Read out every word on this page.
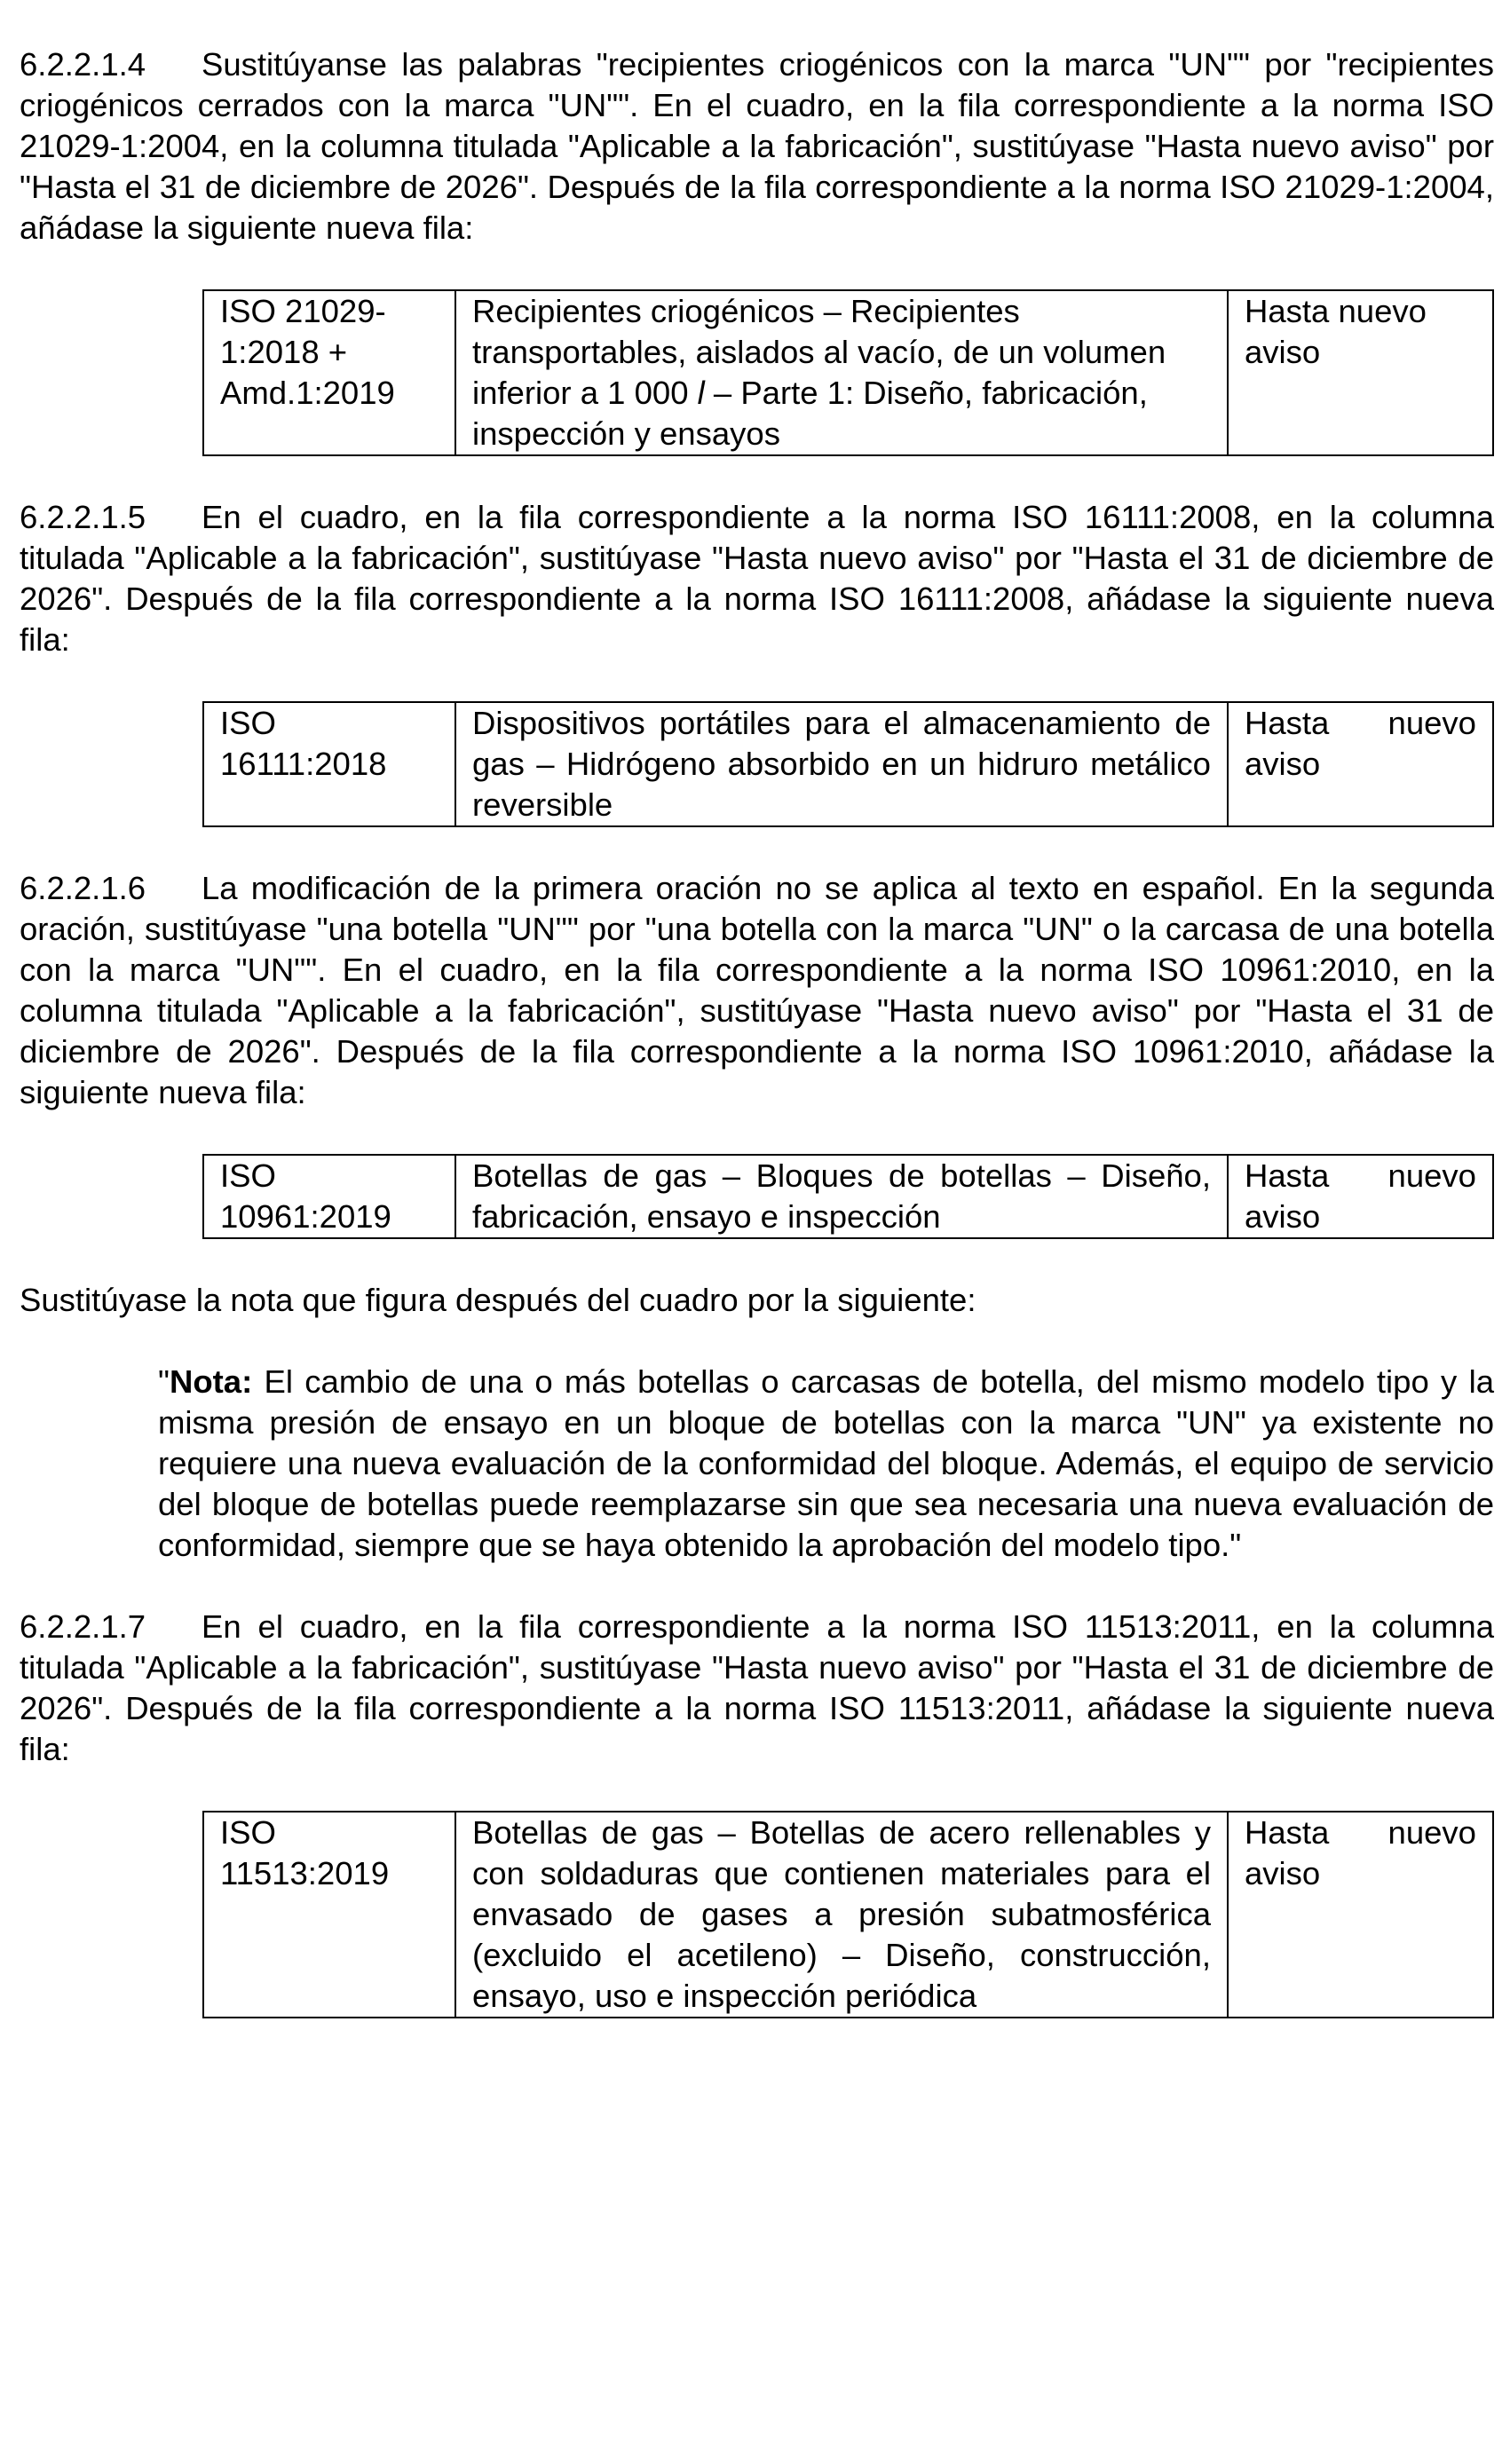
6.2.2.1.4 Sustitúyanse las palabras "recipientes criogénicos con la marca "UN"" por "recipientes criogénicos cerrados con la marca "UN"". En el cuadro, en la fila correspondiente a la norma ISO 21029-1:2004, en la columna titulada "Aplicable a la fabricación", sustitúyase "Hasta nuevo aviso" por "Hasta el 31 de diciembre de 2026". Después de la fila correspondiente a la norma ISO 21029-1:2004, añádase la siguiente nueva fila:

ISO 21029-1:2018 + Amd.1:2019	Recipientes criogénicos – Recipientes transportables, aislados al vacío, de un volumen inferior a 1 000 l – Parte 1: Diseño, fabricación, inspección y ensayos	Hasta nuevo aviso

6.2.2.1.5 En el cuadro, en la fila correspondiente a la norma ISO 16111:2008, en la columna titulada "Aplicable a la fabricación", sustitúyase "Hasta nuevo aviso" por "Hasta el 31 de diciembre de 2026". Después de la fila correspondiente a la norma ISO 16111:2008, añádase la siguiente nueva fila:

ISO 16111:2018	Dispositivos portátiles para el almacenamiento de gas – Hidrógeno absorbido en un hidruro metálico reversible	Hasta nuevo aviso

6.2.2.1.6 La modificación de la primera oración no se aplica al texto en español. En la segunda oración, sustitúyase "una botella "UN"" por "una botella con la marca "UN" o la carcasa de una botella con la marca "UN"". En el cuadro, en la fila correspondiente a la norma ISO 10961:2010, en la columna titulada "Aplicable a la fabricación", sustitúyase "Hasta nuevo aviso" por "Hasta el 31 de diciembre de 2026". Después de la fila correspondiente a la norma ISO 10961:2010, añádase la siguiente nueva fila:

ISO 10961:2019	Botellas de gas – Bloques de botellas – Diseño, fabricación, ensayo e inspección	Hasta nuevo aviso

Sustitúyase la nota que figura después del cuadro por la siguiente:

"Nota: El cambio de una o más botellas o carcasas de botella, del mismo modelo tipo y la misma presión de ensayo en un bloque de botellas con la marca "UN" ya existente no requiere una nueva evaluación de la conformidad del bloque. Además, el equipo de servicio del bloque de botellas puede reemplazarse sin que sea necesaria una nueva evaluación de conformidad, siempre que se haya obtenido la aprobación del modelo tipo."

6.2.2.1.7 En el cuadro, en la fila correspondiente a la norma ISO 11513:2011, en la columna titulada "Aplicable a la fabricación", sustitúyase "Hasta nuevo aviso" por "Hasta el 31 de diciembre de 2026". Después de la fila correspondiente a la norma ISO 11513:2011, añádase la siguiente nueva fila:

ISO 11513:2019	Botellas de gas – Botellas de acero rellenables y con soldaduras que contienen materiales para el envasado de gases a presión subatmosférica (excluido el acetileno) – Diseño, construcción, ensayo, uso e inspección periódica	Hasta nuevo aviso
